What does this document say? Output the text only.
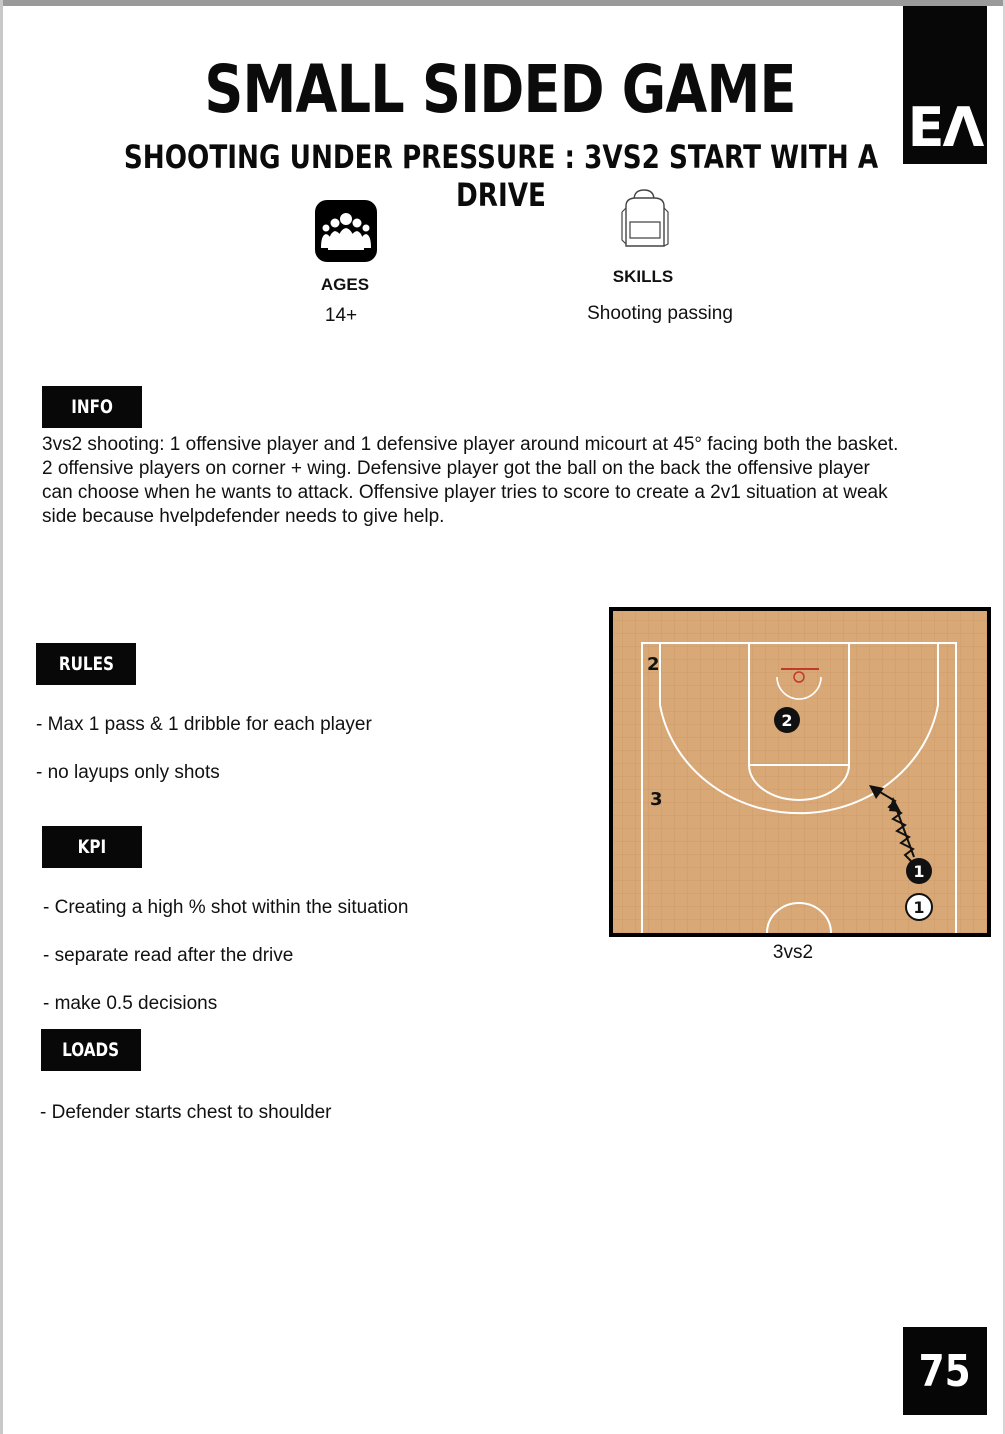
SMALL SIDED GAME
SHOOTING UNDER PRESSURE : 3VS2 START WITH A DRIVE
EΛ
AGES
14+
SKILLS
Shooting passing
INFO
3vs2 shooting: 1 offensive player and 1 defensive player around micourt at 45° facing both the basket.
2 offensive players on corner + wing. Defensive player got the ball on the back the offensive player
can choose when he wants to attack. Offensive player tries to score to create a 2v1 situation at weak
side because hvelpdefender needs to give help.
RULES

- Max 1 pass & 1 dribble for each player

- no layups only shots

KPI

- Creating a high % shot within the situation

- separate read after the drive

- make 0.5 decisions

LOADS

- Defender starts chest to shoulder

2
3
2
1
1
3vs2
75
